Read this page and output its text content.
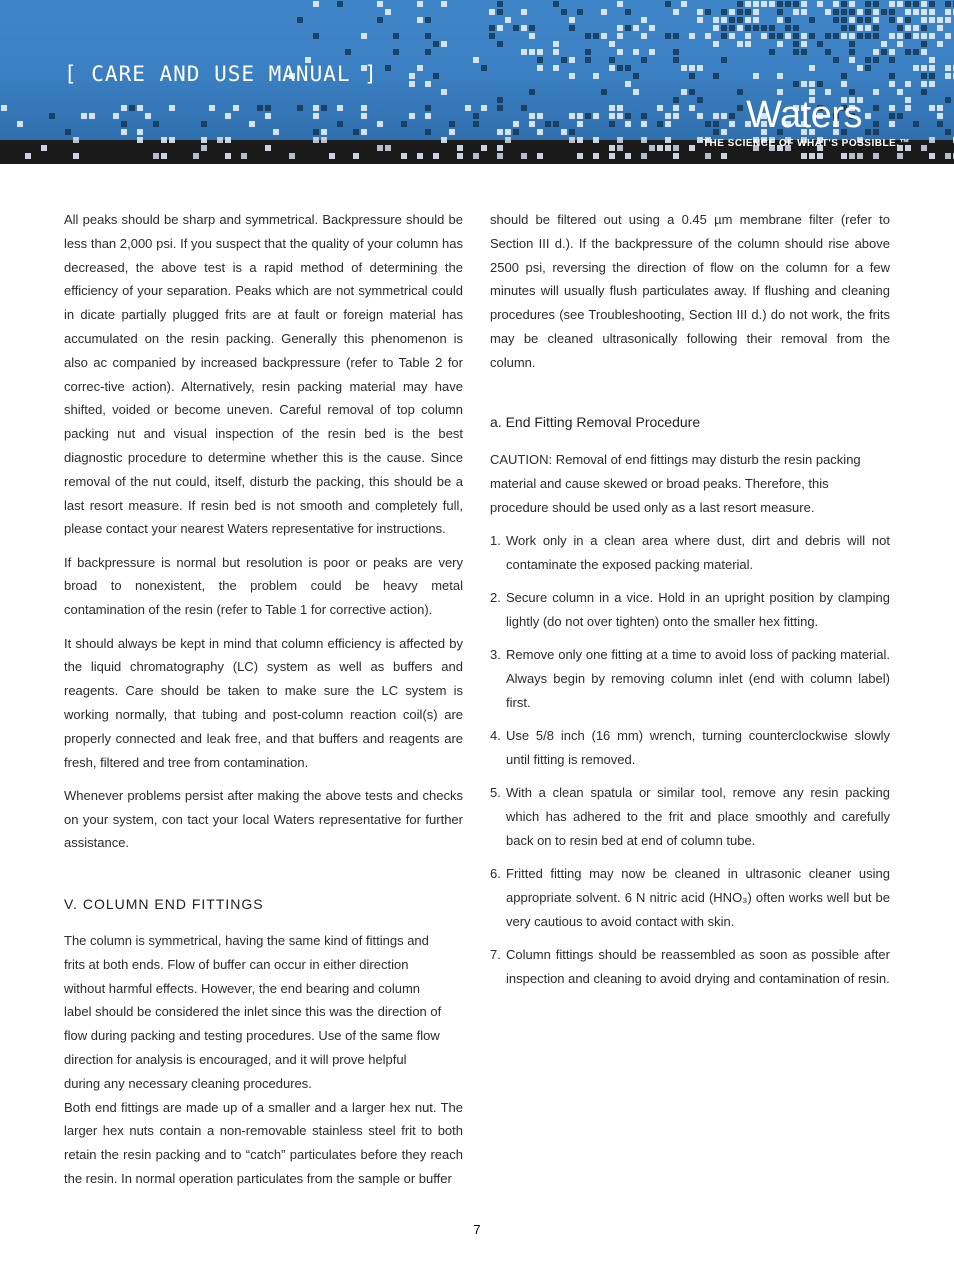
[ CARE AND USE MANUAL ]
Waters
THE SCIENCE OF WHAT'S POSSIBLE.™

All peaks should be sharp and symmetrical. Backpressure should be less than 2,000 psi. If you suspect that the quality of your column has decreased, the above test is a rapid method of determining the efficiency of your separation. Peaks which are not symmetrical could in dicate partially plugged frits are at fault or foreign material has accumulated on the resin packing. Generally this phenomenon is also ac companied by increased backpressure (refer to Table 2 for correc-tive action). Alternatively, resin packing material may have shifted, voided or become uneven. Careful removal of top column packing nut and visual inspection of the resin bed is the best diagnostic procedure to determine whether this is the cause. Since removal of the nut could, itself, disturb the packing, this should be a last resort measure. If resin bed is not smooth and completely full, please contact your nearest Waters representative for instructions.

If backpressure is normal but resolution is poor or peaks are very broad to nonexistent, the problem could be heavy metal contamination of the resin (refer to Table 1 for corrective action).

It should always be kept in mind that column efficiency is affected by the liquid chromatography (LC) system as well as buffers and reagents. Care should be taken to make sure the LC system is working normally, that tubing and post-column reaction coil(s) are properly connected and leak free, and that buffers and reagents are fresh, filtered and tree from contamination.

Whenever problems persist after making the above tests and checks on your system, con tact your local Waters representative for further assistance.

V. COLUMN END FITTINGS

The column is symmetrical, having the same kind of fittings and frits at both ends. Flow of buffer can occur in either direction without harmful effects. However, the end bearing and column label should be considered the inlet since this was the direction of flow during packing and testing procedures. Use of the same flow direction for analysis is encouraged, and it will prove helpful during any necessary cleaning procedures.

Both end fittings are made up of a smaller and a larger hex nut. The larger hex nuts contain a non-removable stainless steel frit to both retain the resin packing and to “catch” particulates before they reach the resin. In normal operation particulates from the sample or buffer

should be filtered out using a 0.45 µm membrane filter (refer to Section III d.). If the backpressure of the column should rise above 2500 psi, reversing the direction of flow on the column for a few minutes will usually flush particulates away. If flushing and cleaning procedures (see Troubleshooting, Section III d.) do not work, the frits may be cleaned ultrasonically following their removal from the column.

a. End Fitting Removal Procedure

CAUTION: Removal of end fittings may disturb the resin packing material and cause skewed or broad peaks. Therefore, this procedure should be used only as a last resort measure.

1. Work only in a clean area where dust, dirt and debris will not contaminate the exposed packing material.
2. Secure column in a vice. Hold in an upright position by clamping lightly (do not over tighten) onto the smaller hex fitting.
3. Remove only one fitting at a time to avoid loss of packing material. Always begin by removing column inlet (end with column label) first.
4. Use 5/8 inch (16 mm) wrench, turning counterclockwise slowly until fitting is removed.
5. With a clean spatula or similar tool, remove any resin packing which has adhered to the frit and place smoothly and carefully back on to resin bed at end of column tube.
6. Fritted fitting may now be cleaned in ultrasonic cleaner using appropriate solvent. 6 N nitric acid (HNO₃) often works well but be very cautious to avoid contact with skin.
7. Column fittings should be reassembled as soon as possible after inspection and cleaning to avoid drying and contamination of resin.
7
